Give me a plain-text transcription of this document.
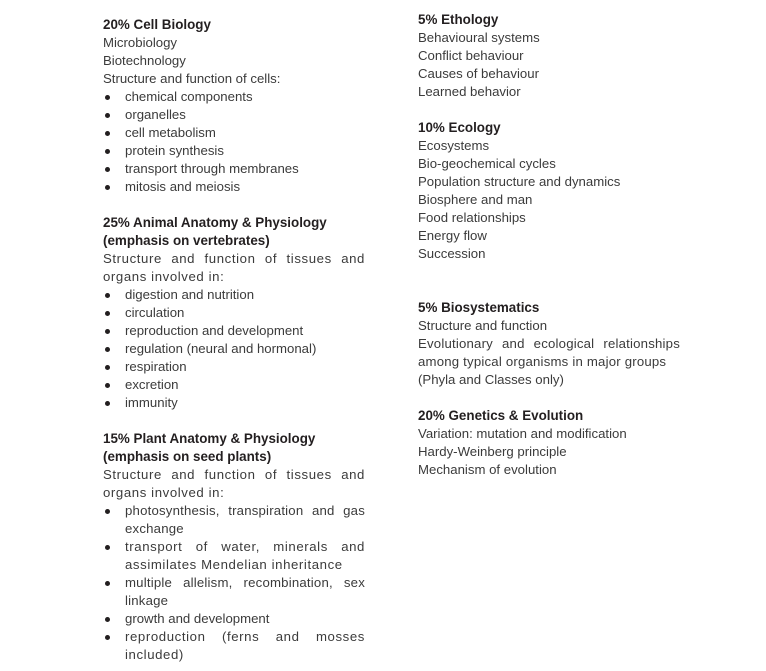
20% Cell Biology

Microbiology

Biotechnology

Structure and function of cells:

chemical components
organelles
cell metabolism
protein synthesis
transport through membranes
mitosis and meiosis

25% Animal Anatomy & Physiology

(emphasis on vertebrates)

Structure and function of tissues and organs involved in:

digestion and nutrition
circulation
reproduction and development
regulation (neural and hormonal)
respiration
excretion
immunity

15% Plant Anatomy & Physiology

(emphasis on seed plants)

Structure and function of tissues and organs involved in:

photosynthesis, transpiration and gas exchange
transport of water, minerals and assimilates Mendelian inheritance
multiple allelism, recombination, sex linkage
growth and development
reproduction (ferns and mosses included)

5% Ethology

Behavioural systems

Conflict behaviour

Causes of behaviour

Learned behavior

10% Ecology

Ecosystems

Bio-geochemical cycles

Population structure and dynamics

Biosphere and man

Food relationships

Energy flow

Succession

5% Biosystematics

Structure and function

Evolutionary and ecological relationships among typical organisms in major groups

(Phyla and Classes only)

20% Genetics & Evolution

Variation: mutation and modification

Hardy-Weinberg principle

Mechanism of evolution
